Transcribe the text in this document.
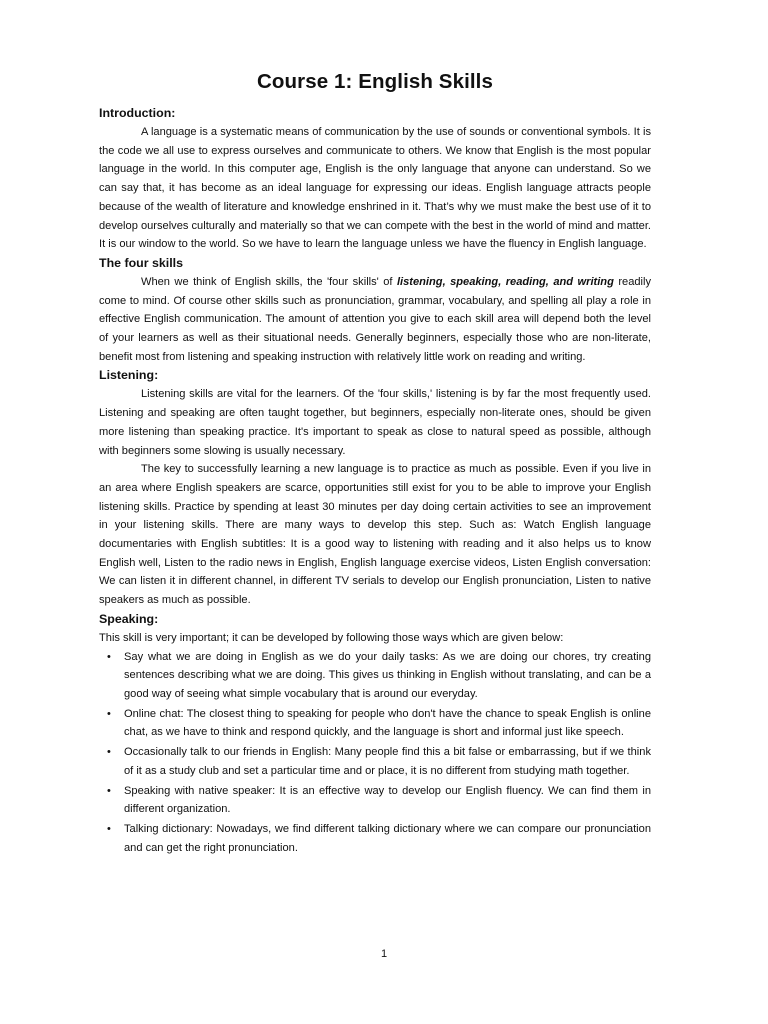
Course 1: English Skills
Introduction:

A language is a systematic means of communication by the use of sounds or conventional symbols. It is the code we all use to express ourselves and communicate to others. We know that English is the most popular language in the world. In this computer age, English is the only language that anyone can understand. So we can say that, it has become as an ideal language for expressing our ideas. English language attracts people because of the wealth of literature and knowledge enshrined in it. That’s why we must make the best use of it to develop ourselves culturally and materially so that we can compete with the best in the world of mind and matter. It is our window to the world. So we have to learn the language unless we have the fluency in English language.

The four skills

When we think of English skills, the 'four skills' of listening, speaking, reading, and writing readily come to mind. Of course other skills such as pronunciation, grammar, vocabulary, and spelling all play a role in effective English communication. The amount of attention you give to each skill area will depend both the level of your learners as well as their situational needs. Generally beginners, especially those who are non-literate, benefit most from listening and speaking instruction with relatively little work on reading and writing.

Listening:

Listening skills are vital for the learners. Of the 'four skills,' listening is by far the most frequently used. Listening and speaking are often taught together, but beginners, especially non-literate ones, should be given more listening than speaking practice. It's important to speak as close to natural speed as possible, although with beginners some slowing is usually necessary.

The key to successfully learning a new language is to practice as much as possible. Even if you live in an area where English speakers are scarce, opportunities still exist for you to be able to improve your English listening skills. Practice by spending at least 30 minutes per day doing certain activities to see an improvement in your listening skills. There are many ways to develop this step. Such as: Watch English language documentaries with English subtitles: It is a good way to listening with reading and it also helps us to know English well, Listen to the radio news in English, English language exercise videos, Listen English conversation: We can listen it in different channel, in different TV serials to develop our English pronunciation, Listen to native speakers as much as possible.

Speaking:

This skill is very important; it can be developed by following those ways which are given below:

• Say what we are doing in English as we do your daily tasks: As we are doing our chores, try creating sentences describing what we are doing. This gives us thinking in English without translating, and can be a good way of seeing what simple vocabulary that is around our everyday.
• Online chat: The closest thing to speaking for people who don't have the chance to speak English is online chat, as we have to think and respond quickly, and the language is short and informal just like speech.
• Occasionally talk to our friends in English: Many people find this a bit false or embarrassing, but if we think of it as a study club and set a particular time and or place, it is no different from studying math together.
• Speaking with native speaker: It is an effective way to develop our English fluency. We can find them in different organization.
• Talking dictionary: Nowadays, we find different talking dictionary where we can compare our pronunciation and can get the right pronunciation.
1
